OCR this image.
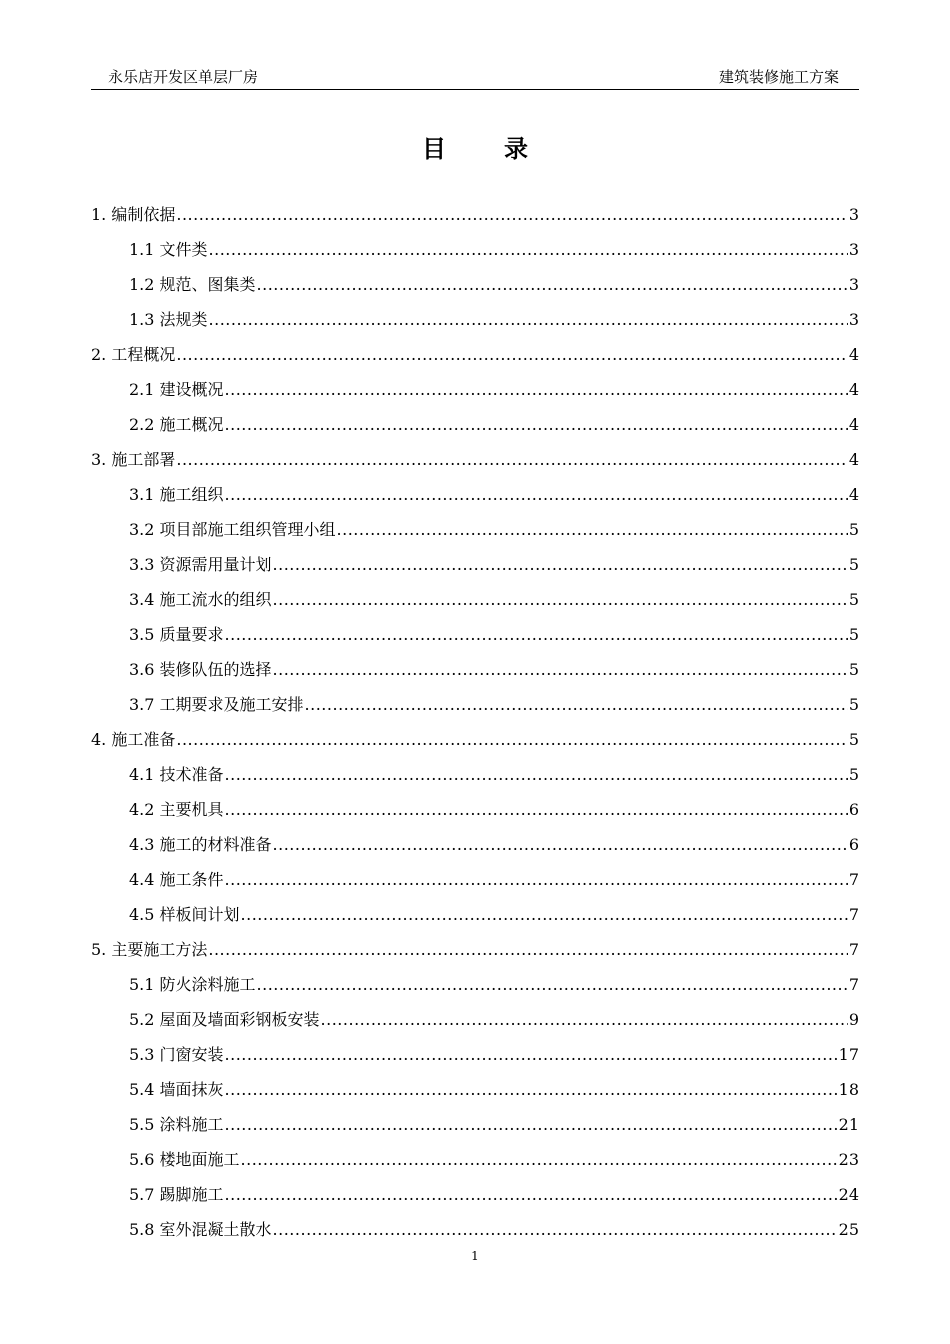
永乐店开发区单层厂房	建筑装修施工方案
目录
1. 编制依据 .....	3
1.1 文件类 .....	3
1.2 规范、图集类 .....	3
1.3 法规类 .....	3
2. 工程概况 .....	4
2.1 建设概况 .....	4
2.2 施工概况 .....	4
3. 施工部署 .....	4
3.1 施工组织 .....	4
3.2 项目部施工组织管理小组 .....	5
3.3 资源需用量计划 .....	5
3.4 施工流水的组织 .....	5
3.5 质量要求 .....	5
3.6 装修队伍的选择 .....	5
3.7 工期要求及施工安排 .....	5
4. 施工准备 .....	5
4.1 技术准备 .....	5
4.2 主要机具 .....	6
4.3 施工的材料准备 .....	6
4.4 施工条件 .....	7
4.5 样板间计划 .....	7
5. 主要施工方法 .....	7
5.1 防火涂料施工 .....	7
5.2 屋面及墙面彩钢板安装 .....	9
5.3 门窗安装 .....	17
5.4 墙面抹灰 .....	18
5.5 涂料施工 .....	21
5.6 楼地面施工 .....	23
5.7 踢脚施工 .....	24
5.8 室外混凝土散水 .....	25
1
